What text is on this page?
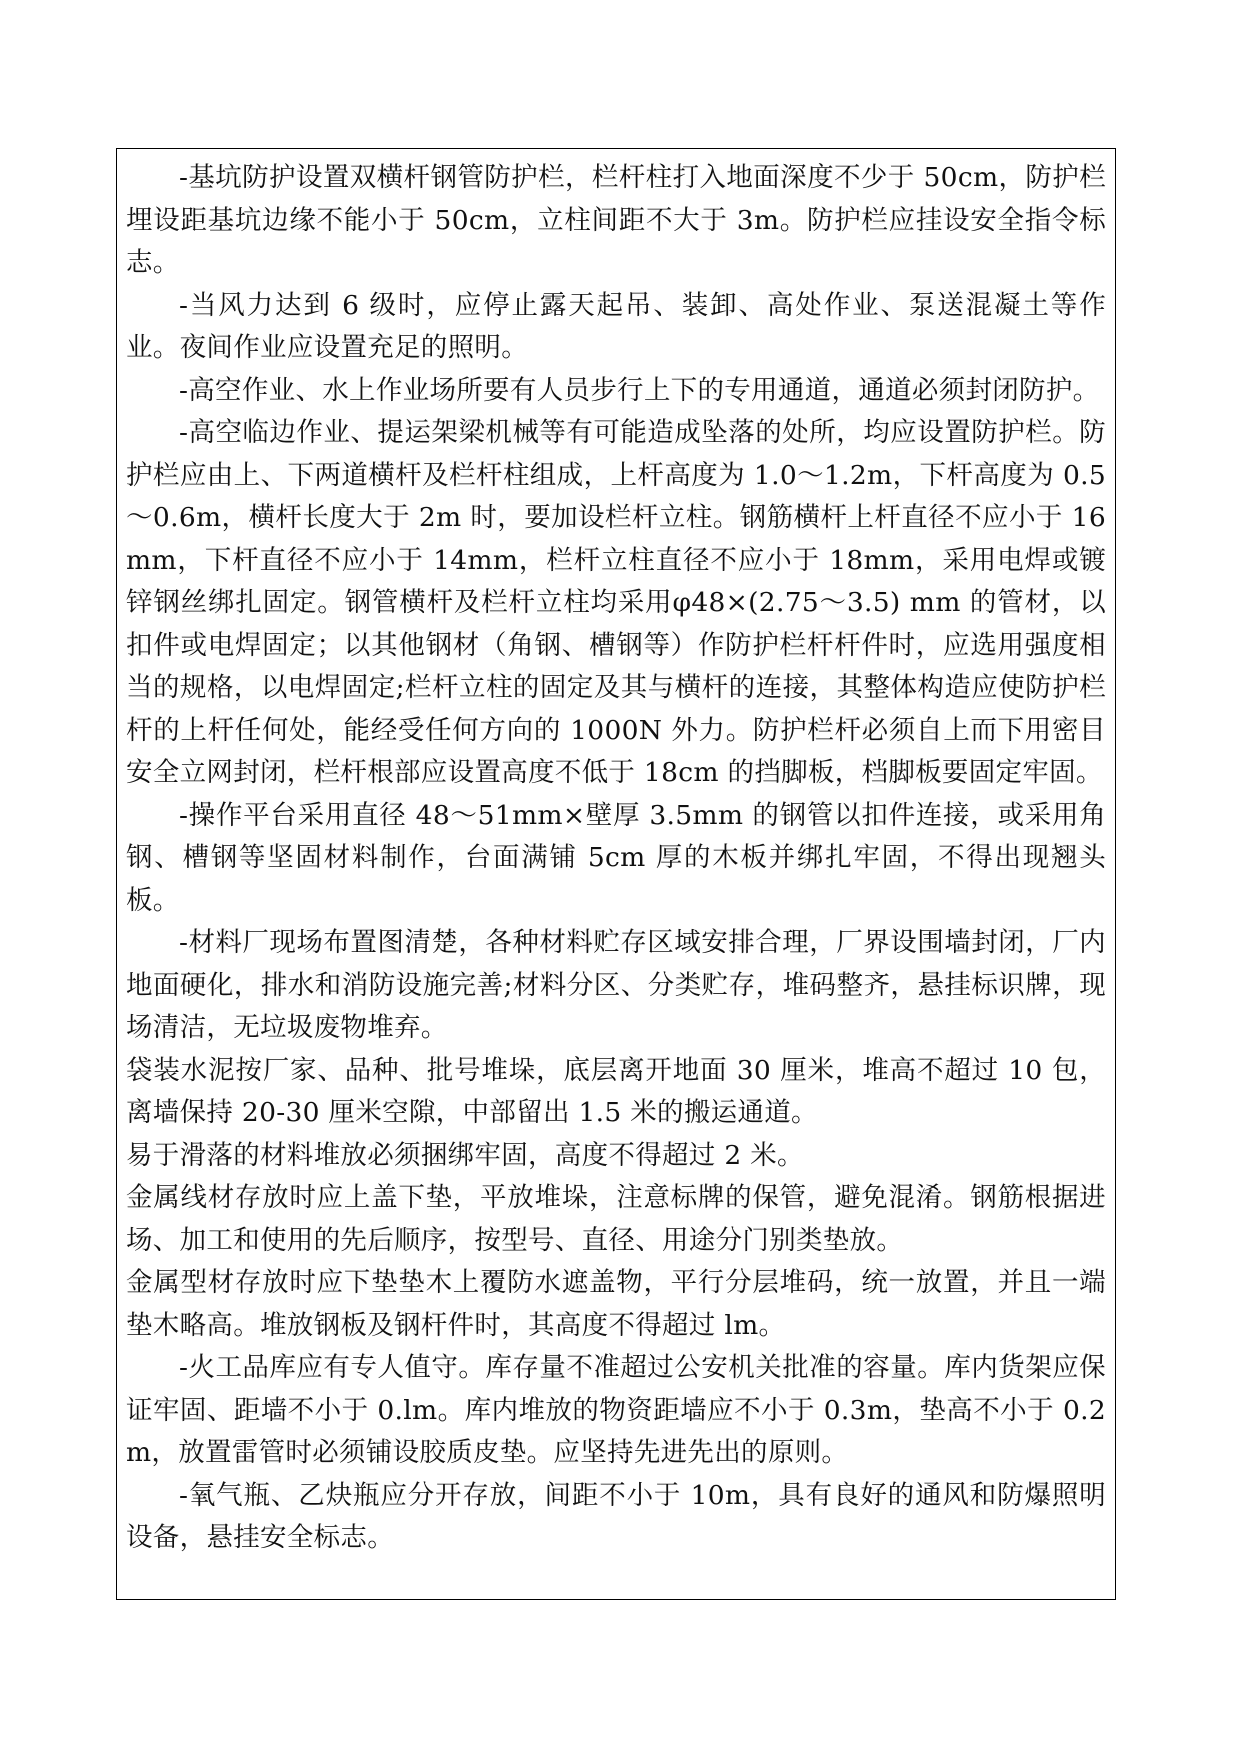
-基坑防护设置双横杆钢管防护栏，栏杆柱打入地面深度不少于 50cm，防护栏埋设距基坑边缘不能小于 50cm，立柱间距不大于 3m。防护栏应挂设安全指令标志。

-当风力达到 6 级时，应停止露天起吊、装卸、高处作业、泵送混凝土等作业。夜间作业应设置充足的照明。

-高空作业、水上作业场所要有人员步行上下的专用通道，通道必须封闭防护。

-高空临边作业、提运架梁机械等有可能造成坠落的处所，均应设置防护栏。防护栏应由上、下两道横杆及栏杆柱组成，上杆高度为 1.0～1.2m，下杆高度为 0.5～0.6m，横杆长度大于 2m 时，要加设栏杆立柱。钢筋横杆上杆直径不应小于 16mm，下杆直径不应小于 14mm，栏杆立柱直径不应小于 18mm，采用电焊或镀锌钢丝绑扎固定。钢管横杆及栏杆立柱均采用φ48×(2.75～3.5) mm 的管材，以扣件或电焊固定；以其他钢材（角钢、槽钢等）作防护栏杆杆件时，应选用强度相当的规格，以电焊固定;栏杆立柱的固定及其与横杆的连接，其整体构造应使防护栏杆的上杆任何处，能经受任何方向的 1000N 外力。防护栏杆必须自上而下用密目安全立网封闭，栏杆根部应设置高度不低于 18cm 的挡脚板，档脚板要固定牢固。

-操作平台采用直径 48～51mm×壁厚 3.5mm 的钢管以扣件连接，或采用角钢、槽钢等坚固材料制作，台面满铺 5cm 厚的木板并绑扎牢固，不得出现翘头板。

-材料厂现场布置图清楚，各种材料贮存区域安排合理，厂界设围墙封闭，厂内地面硬化，排水和消防设施完善;材料分区、分类贮存，堆码整齐，悬挂标识牌，现场清洁，无垃圾废物堆弃。

袋装水泥按厂家、品种、批号堆垛，底层离开地面 30 厘米，堆高不超过 10 包，离墙保持 20-30 厘米空隙，中部留出 1.5 米的搬运通道。

易于滑落的材料堆放必须捆绑牢固，高度不得超过 2 米。

金属线材存放时应上盖下垫，平放堆垛，注意标牌的保管，避免混淆。钢筋根据进场、加工和使用的先后顺序，按型号、直径、用途分门别类垫放。

金属型材存放时应下垫垫木上覆防水遮盖物，平行分层堆码，统一放置，并且一端垫木略高。堆放钢板及钢杆件时，其高度不得超过 lm。

-火工品库应有专人值守。库存量不准超过公安机关批准的容量。库内货架应保证牢固、距墙不小于 0.lm。库内堆放的物资距墙应不小于 0.3m，垫高不小于 0.2m，放置雷管时必须铺设胶质皮垫。应坚持先进先出的原则。

-氧气瓶、乙炔瓶应分开存放，间距不小于 10m，具有良好的通风和防爆照明设备，悬挂安全标志。
